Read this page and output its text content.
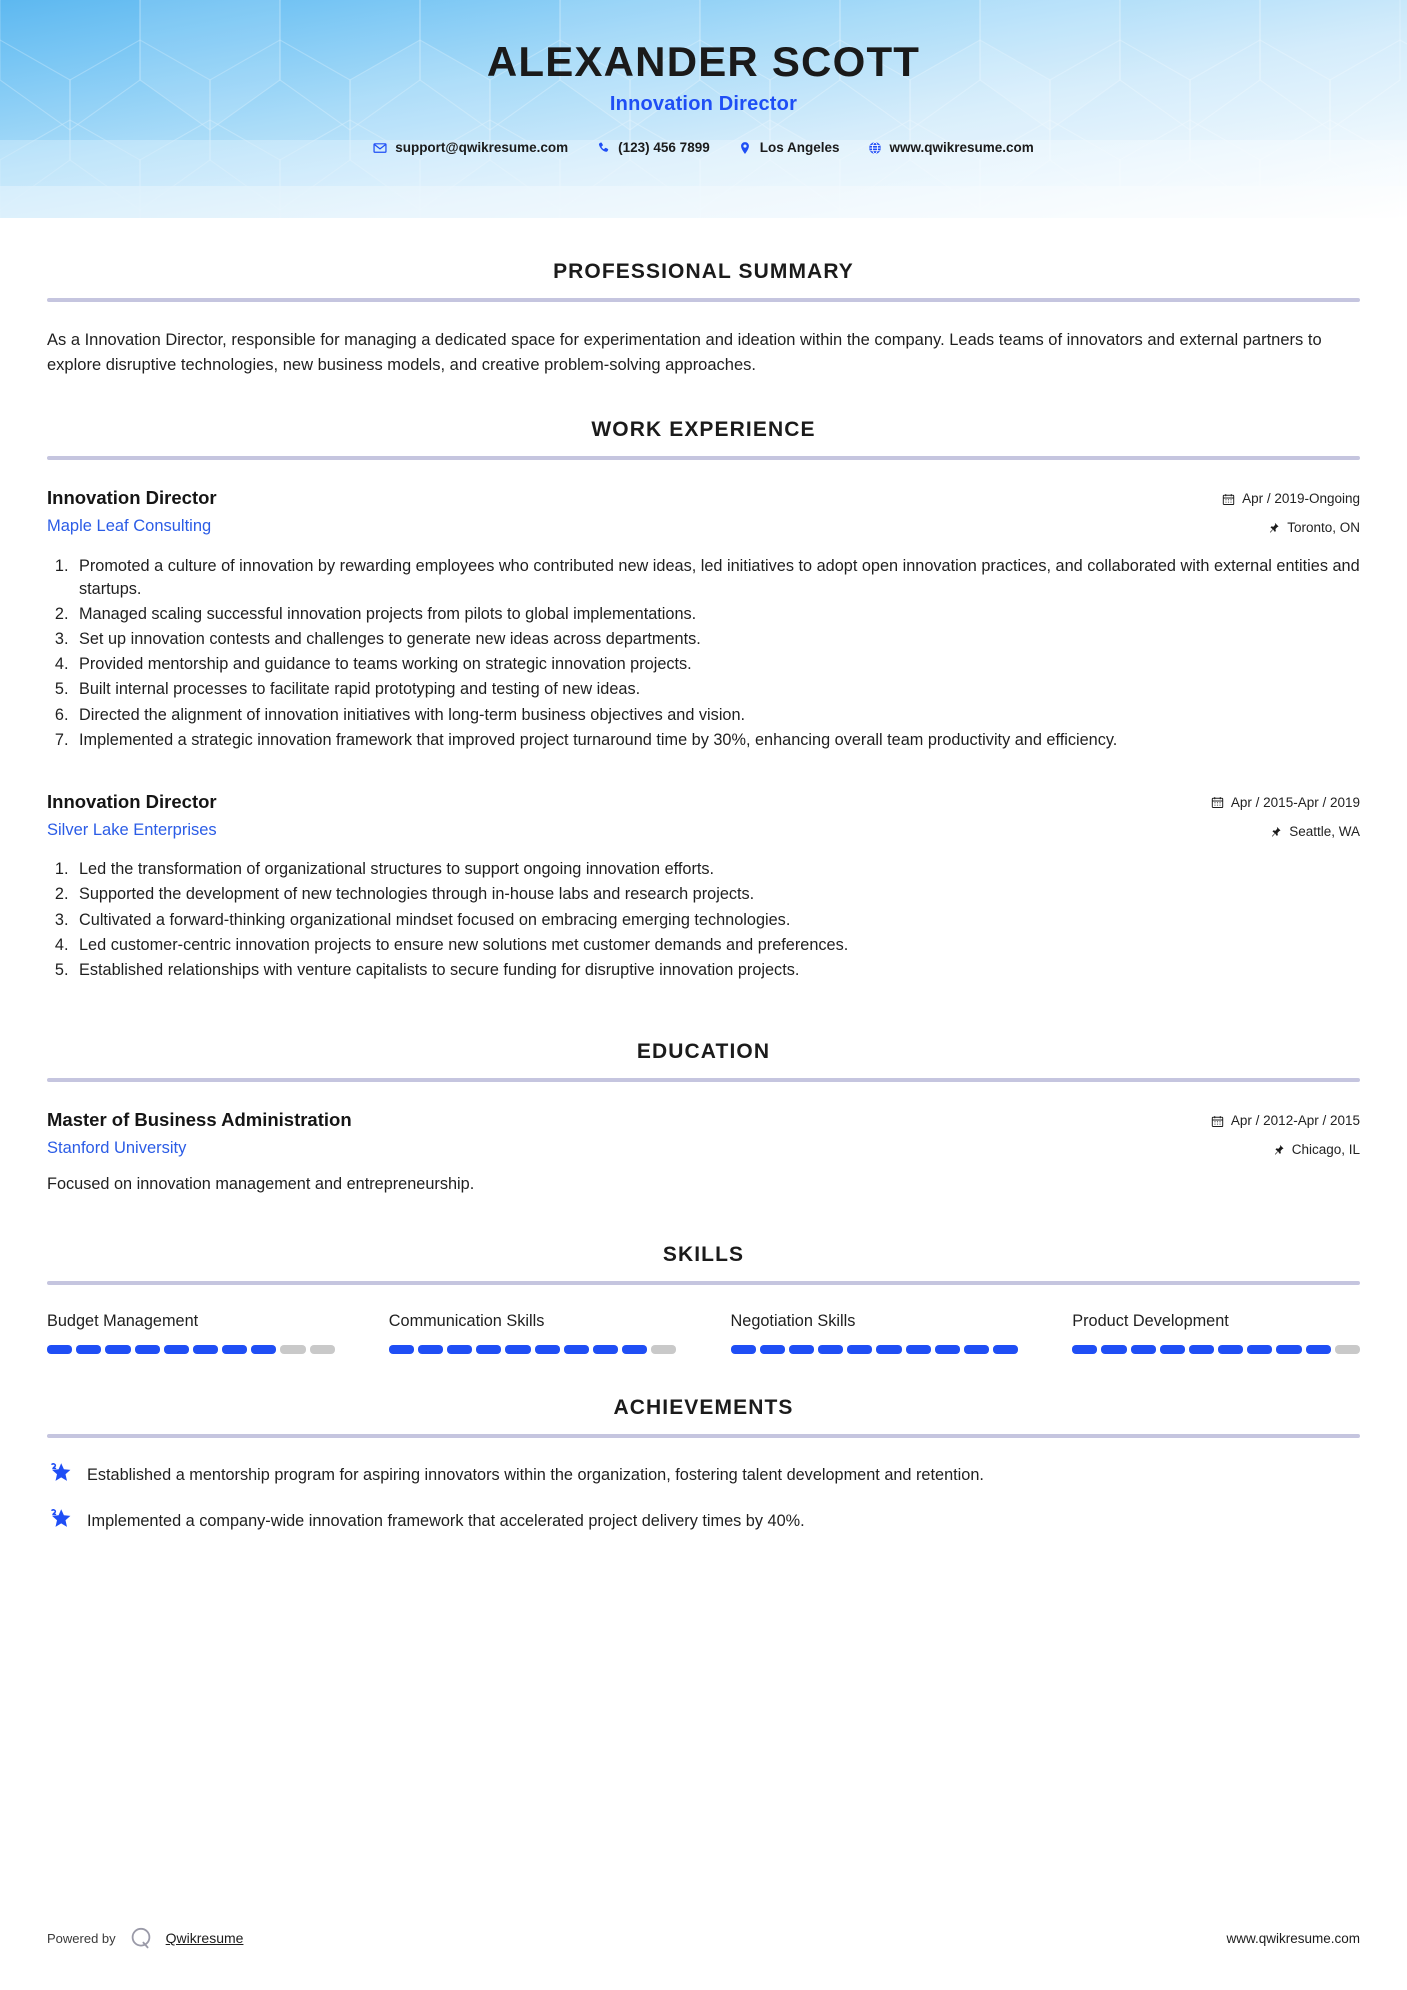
ALEXANDER SCOTT
Innovation Director
support@qwikresume.com	(123) 456 7899	Los Angeles	www.qwikresume.com
PROFESSIONAL SUMMARY

As a Innovation Director, responsible for managing a dedicated space for experimentation and ideation within the company. Leads teams of innovators and external partners to explore disruptive technologies, new business models, and creative problem-solving approaches.

WORK EXPERIENCE
Innovation Director
Maple Leaf Consulting
Apr / 2019-Ongoing
Toronto, ON
1. Promoted a culture of innovation by rewarding employees who contributed new ideas, led initiatives to adopt open innovation practices, and collaborated with external entities and startups.
2. Managed scaling successful innovation projects from pilots to global implementations.
3. Set up innovation contests and challenges to generate new ideas across departments.
4. Provided mentorship and guidance to teams working on strategic innovation projects.
5. Built internal processes to facilitate rapid prototyping and testing of new ideas.
6. Directed the alignment of innovation initiatives with long-term business objectives and vision.
7. Implemented a strategic innovation framework that improved project turnaround time by 30%, enhancing overall team productivity and efficiency.
Innovation Director
Silver Lake Enterprises
Apr / 2015-Apr / 2019
Seattle, WA
1. Led the transformation of organizational structures to support ongoing innovation efforts.
2. Supported the development of new technologies through in-house labs and research projects.
3. Cultivated a forward-thinking organizational mindset focused on embracing emerging technologies.
4. Led customer-centric innovation projects to ensure new solutions met customer demands and preferences.
5. Established relationships with venture capitalists to secure funding for disruptive innovation projects.
EDUCATION
Master of Business Administration
Stanford University
Apr / 2012-Apr / 2015
Chicago, IL

Focused on innovation management and entrepreneurship.

SKILLS
Budget Management	Communication Skills	Negotiation Skills	Product Development
ACHIEVEMENTS
Established a mentorship program for aspiring innovators within the organization, fostering talent development and retention.
Implemented a company-wide innovation framework that accelerated project delivery times by 40%.
Powered by	Qwikresume	www.qwikresume.com
